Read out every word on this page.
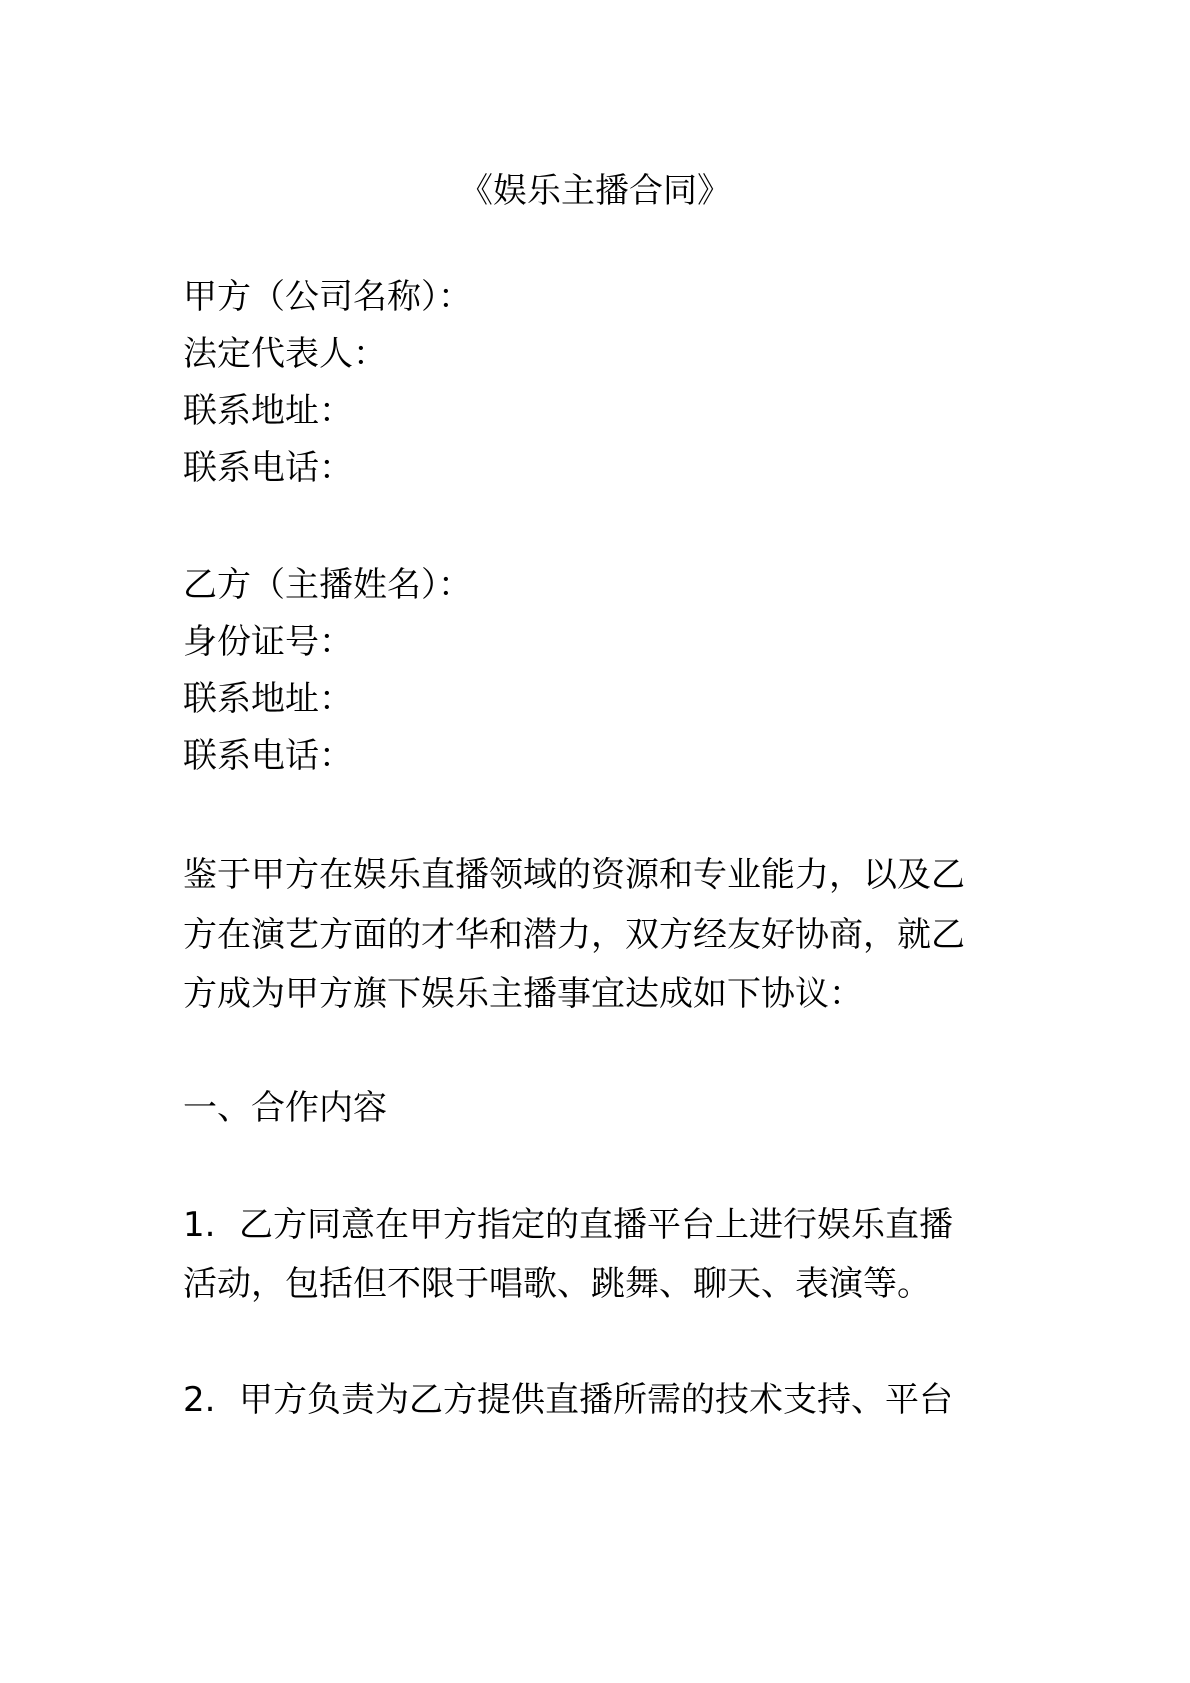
《娱乐主播合同》
甲方（公司名称）：
法定代表人：
联系地址：
联系电话：
乙方（主播姓名）：
身份证号：
联系地址：
联系电话：
鉴于甲方在娱乐直播领域的资源和专业能力，以及乙
方在演艺方面的才华和潜力，双方经友好协商，就乙
方成为甲方旗下娱乐主播事宜达成如下协议：
一、合作内容
1. 乙方同意在甲方指定的直播平台上进行娱乐直播
活动，包括但不限于唱歌、跳舞、聊天、表演等。
2. 甲方负责为乙方提供直播所需的技术支持、平台
